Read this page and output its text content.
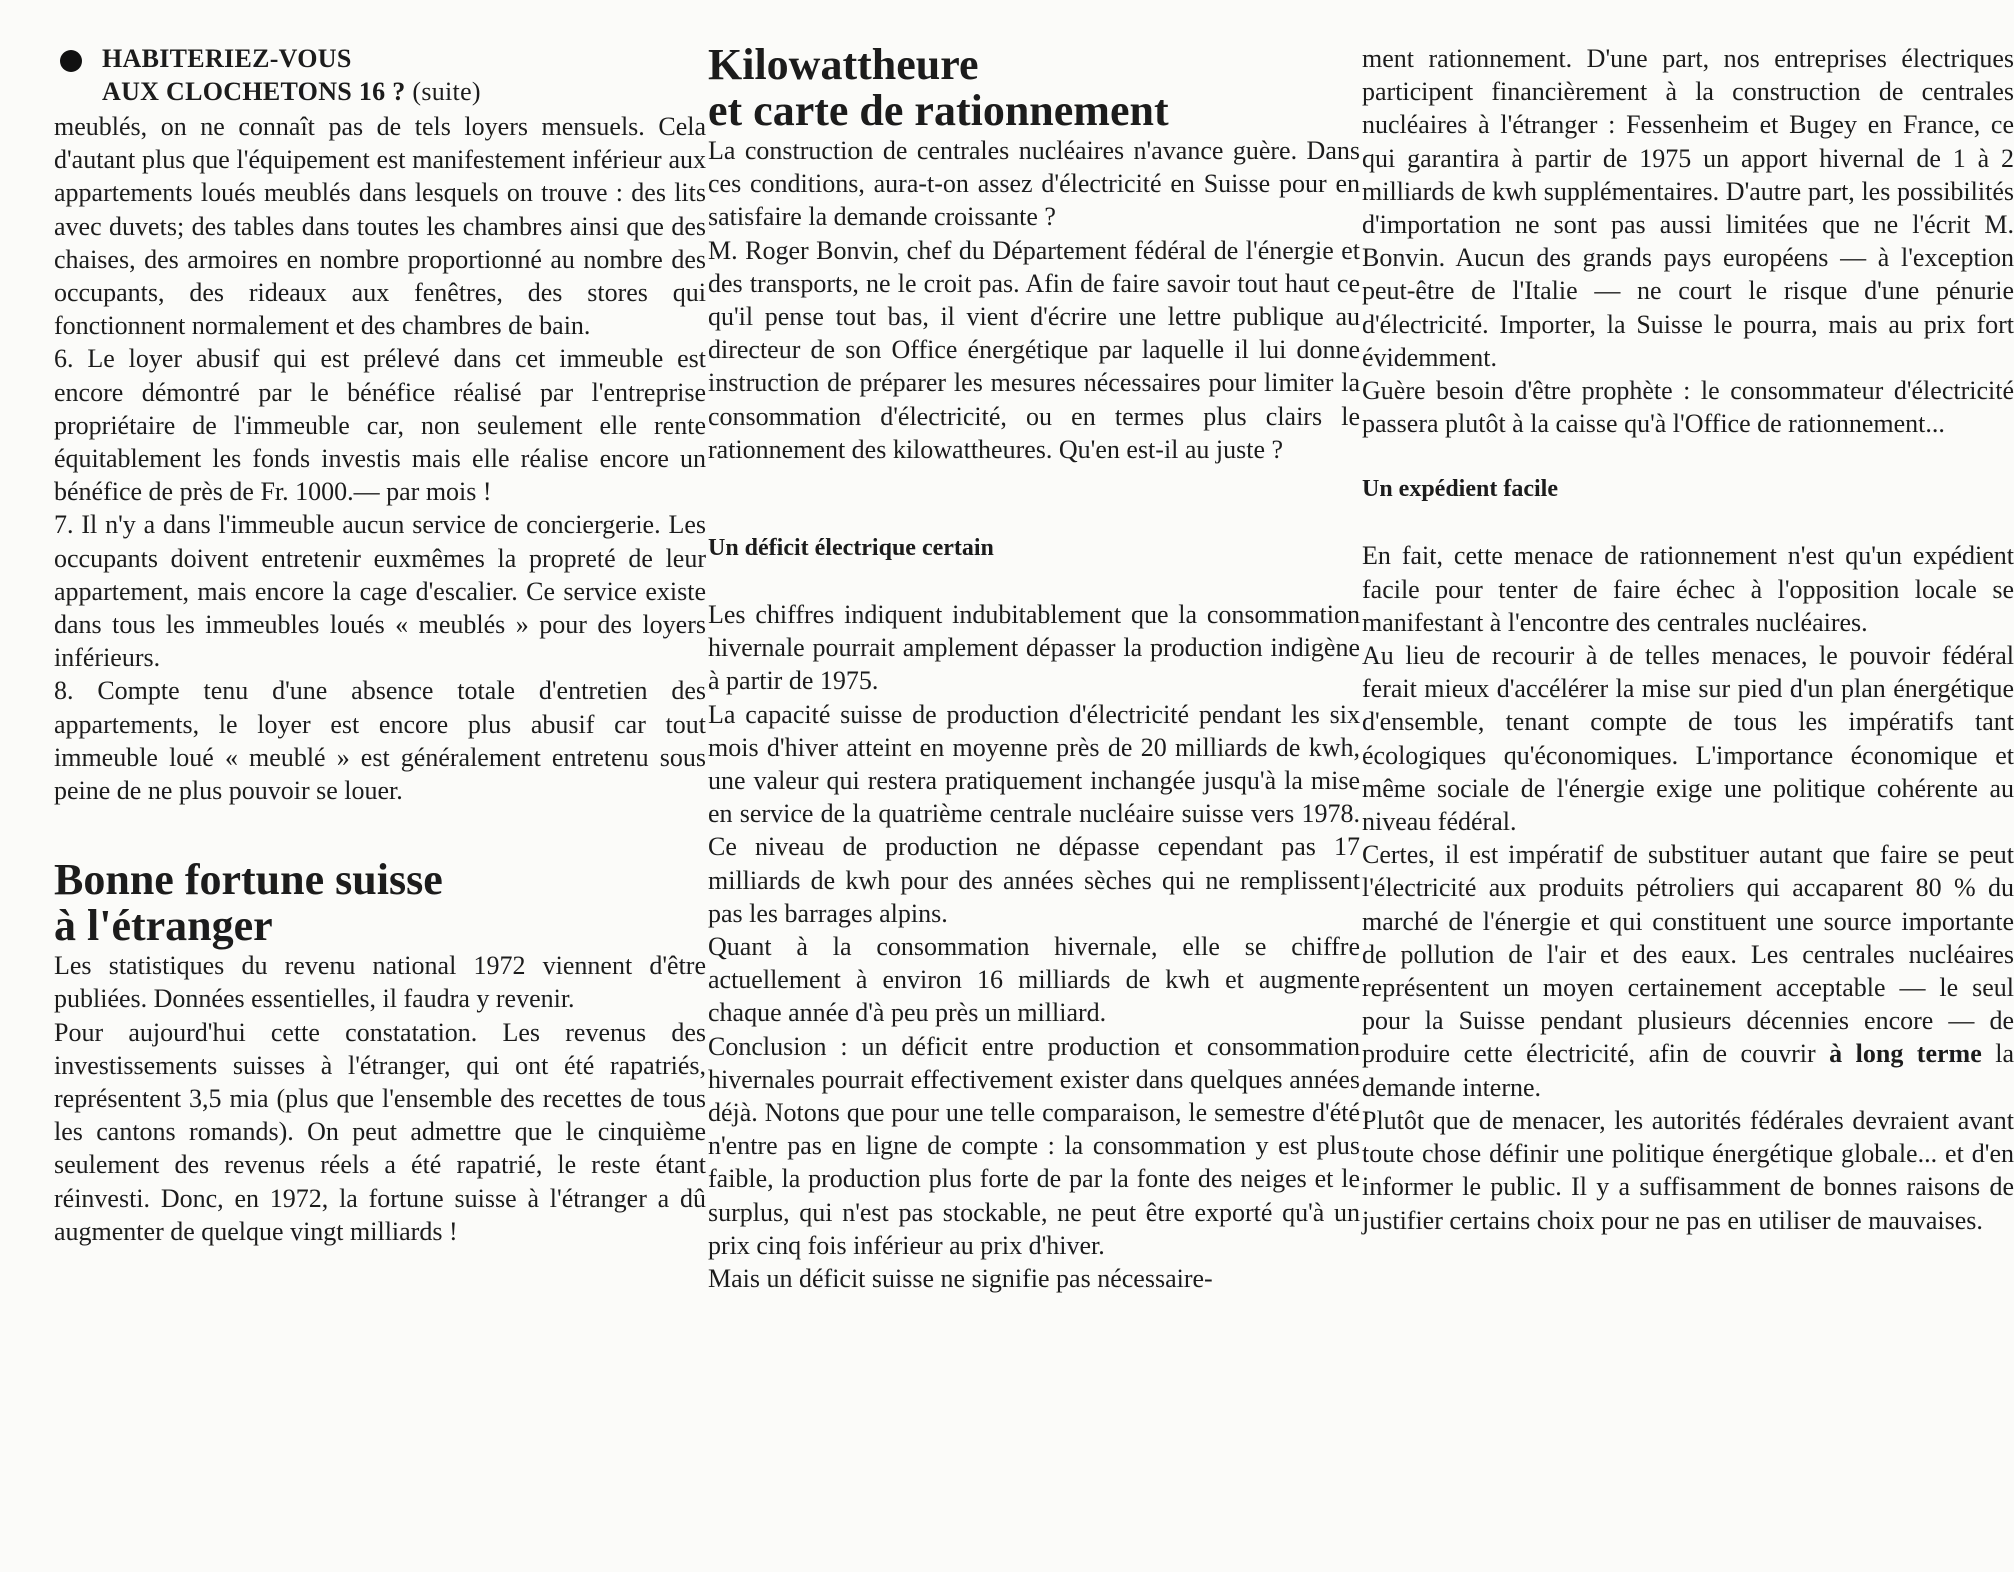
HABITERIEZ-VOUS
AUX CLOCHETONS 16 ? (suite)

meublés, on ne connaît pas de tels loyers mensuels. Cela d'autant plus que l'équipement est manifestement inférieur aux appartements loués meublés dans lesquels on trouve : des lits avec duvets; des tables dans toutes les chambres ainsi que des chaises, des armoires en nombre proportionné au nombre des occupants, des rideaux aux fenêtres, des stores qui fonctionnent normalement et des chambres de bain.

6. Le loyer abusif qui est prélevé dans cet immeuble est encore démontré par le bénéfice réalisé par l'entreprise propriétaire de l'immeuble car, non seulement elle rente équitablement les fonds investis mais elle réalise encore un bénéfice de près de Fr. 1000.— par mois !

7. Il n'y a dans l'immeuble aucun service de conciergerie. Les occupants doivent entretenir euxmêmes la propreté de leur appartement, mais encore la cage d'escalier. Ce service existe dans tous les immeubles loués « meublés » pour des loyers inférieurs.

8. Compte tenu d'une absence totale d'entretien des appartements, le loyer est encore plus abusif car tout immeuble loué « meublé » est généralement entretenu sous peine de ne plus pouvoir se louer.

Bonne fortune suisse
à l'étranger

Les statistiques du revenu national 1972 viennent d'être publiées. Données essentielles, il faudra y revenir.

Pour aujourd'hui cette constatation. Les revenus des investissements suisses à l'étranger, qui ont été rapatriés, représentent 3,5 mia (plus que l'ensemble des recettes de tous les cantons romands). On peut admettre que le cinquième seulement des revenus réels a été rapatrié, le reste étant réinvesti. Donc, en 1972, la fortune suisse à l'étranger a dû augmenter de quelque vingt milliards !

Kilowattheure
et carte de rationnement

La construction de centrales nucléaires n'avance guère. Dans ces conditions, aura-t-on assez d'électricité en Suisse pour en satisfaire la demande croissante ?

M. Roger Bonvin, chef du Département fédéral de l'énergie et des transports, ne le croit pas. Afin de faire savoir tout haut ce qu'il pense tout bas, il vient d'écrire une lettre publique au directeur de son Office énergétique par laquelle il lui donne instruction de préparer les mesures nécessaires pour limiter la consommation d'électricité, ou en termes plus clairs le rationnement des kilowattheures. Qu'en est-il au juste ?

Un déficit électrique certain

Les chiffres indiquent indubitablement que la consommation hivernale pourrait amplement dépasser la production indigène à partir de 1975.

La capacité suisse de production d'électricité pendant les six mois d'hiver atteint en moyenne près de 20 milliards de kwh, une valeur qui restera pratiquement inchangée jusqu'à la mise en service de la quatrième centrale nucléaire suisse vers 1978. Ce niveau de production ne dépasse cependant pas 17 milliards de kwh pour des années sèches qui ne remplissent pas les barrages alpins.

Quant à la consommation hivernale, elle se chiffre actuellement à environ 16 milliards de kwh et augmente chaque année d'à peu près un milliard.

Conclusion : un déficit entre production et consommation hivernales pourrait effectivement exister dans quelques années déjà. Notons que pour une telle comparaison, le semestre d'été n'entre pas en ligne de compte : la consommation y est plus faible, la production plus forte de par la fonte des neiges et le surplus, qui n'est pas stockable, ne peut être exporté qu'à un prix cinq fois inférieur au prix d'hiver.

Mais un déficit suisse ne signifie pas nécessaire-

ment rationnement. D'une part, nos entreprises électriques participent financièrement à la construction de centrales nucléaires à l'étranger : Fessenheim et Bugey en France, ce qui garantira à partir de 1975 un apport hivernal de 1 à 2 milliards de kwh supplémentaires. D'autre part, les possibilités d'importation ne sont pas aussi limitées que ne l'écrit M. Bonvin. Aucun des grands pays européens — à l'exception peut-être de l'Italie — ne court le risque d'une pénurie d'électricité. Importer, la Suisse le pourra, mais au prix fort évidemment.

Guère besoin d'être prophète : le consommateur d'électricité passera plutôt à la caisse qu'à l'Office de rationnement...

Un expédient facile

En fait, cette menace de rationnement n'est qu'un expédient facile pour tenter de faire échec à l'opposition locale se manifestant à l'encontre des centrales nucléaires.

Au lieu de recourir à de telles menaces, le pouvoir fédéral ferait mieux d'accélérer la mise sur pied d'un plan énergétique d'ensemble, tenant compte de tous les impératifs tant écologiques qu'économiques. L'importance économique et même sociale de l'énergie exige une politique cohérente au niveau fédéral.

Certes, il est impératif de substituer autant que faire se peut l'électricité aux produits pétroliers qui accaparent 80 % du marché de l'énergie et qui constituent une source importante de pollution de l'air et des eaux. Les centrales nucléaires représentent un moyen certainement acceptable — le seul pour la Suisse pendant plusieurs décennies encore — de produire cette électricité, afin de couvrir à long terme la demande interne.

Plutôt que de menacer, les autorités fédérales devraient avant toute chose définir une politique énergétique globale... et d'en informer le public. Il y a suffisamment de bonnes raisons de justifier certains choix pour ne pas en utiliser de mauvaises.
